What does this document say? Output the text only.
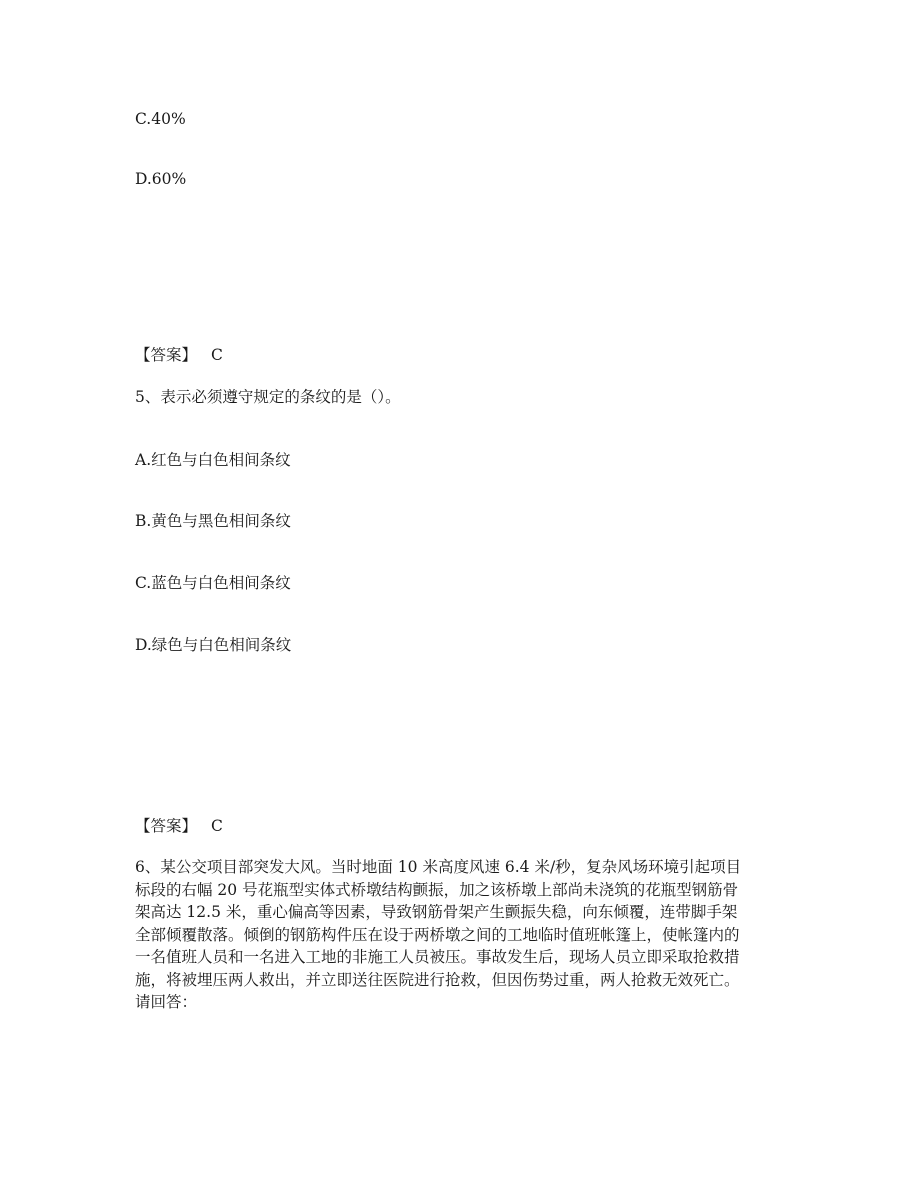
C.40%
D.60%
【答案】 C
5、表示必须遵守规定的条纹的是（）。
A.红色与白色相间条纹
B.黄色与黑色相间条纹
C.蓝色与白色相间条纹
D.绿色与白色相间条纹
【答案】 C
6、某公交项目部突发大风。当时地面 10 米高度风速 6.4 米/秒，复杂风场环境引起项目
标段的右幅 20 号花瓶型实体式桥墩结构颤振，加之该桥墩上部尚未浇筑的花瓶型钢筋骨
架高达 12.5 米，重心偏高等因素，导致钢筋骨架产生颤振失稳，向东倾覆，连带脚手架
全部倾覆散落。倾倒的钢筋构件压在设于两桥墩之间的工地临时值班帐篷上，使帐篷内的
一名值班人员和一名进入工地的非施工人员被压。事故发生后，现场人员立即采取抢救措
施，将被埋压两人救出，并立即送往医院进行抢救，但因伤势过重，两人抢救无效死亡。
请回答：
